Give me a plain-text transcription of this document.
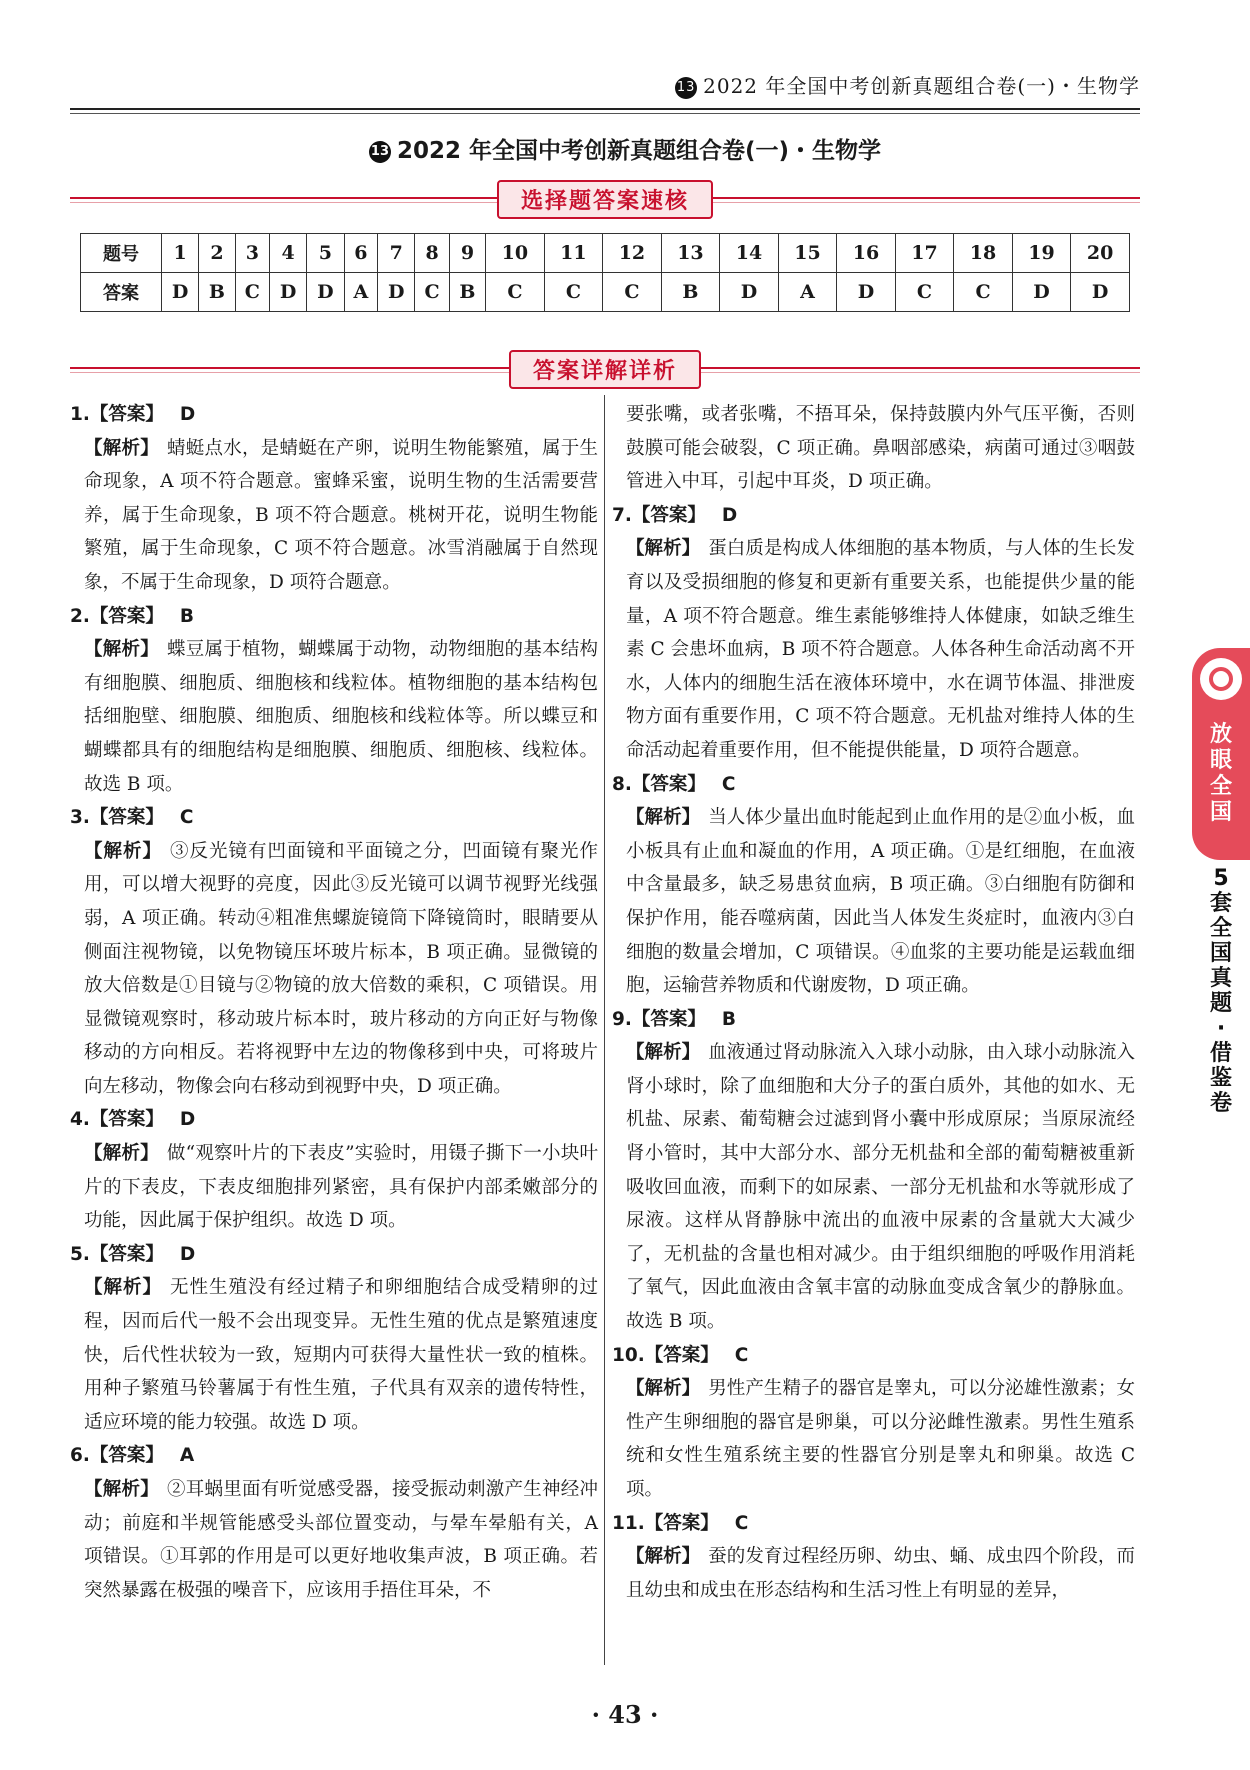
13 2022 年全国中考创新真题组合卷(一)・生物学
13 2022 年全国中考创新真题组合卷(一)・生物学
选择题答案速核
题号	1	2	3	4	5	6	7	8	9	10	11	12	13	14	15	16	17	18	19	20
答案	D	B	C	D	D	A	D	C	B	C	C	C	B	D	A	D	C	C	D	D
答案详解详析
1.【答案】 D
【解析】 蜻蜓点水，是蜻蜓在产卵，说明生物能繁殖，属于生命现象，A 项不符合题意。蜜蜂采蜜，说明生物的生活需要营养，属于生命现象，B 项不符合题意。桃树开花，说明生物能繁殖，属于生命现象，C 项不符合题意。冰雪消融属于自然现象，不属于生命现象，D 项符合题意。
2.【答案】 B
【解析】 蝶豆属于植物，蝴蝶属于动物，动物细胞的基本结构有细胞膜、细胞质、细胞核和线粒体。植物细胞的基本结构包括细胞壁、细胞膜、细胞质、细胞核和线粒体等。所以蝶豆和蝴蝶都具有的细胞结构是细胞膜、细胞质、细胞核、线粒体。故选 B 项。
3.【答案】 C
【解析】 ③反光镜有凹面镜和平面镜之分，凹面镜有聚光作用，可以增大视野的亮度，因此③反光镜可以调节视野光线强弱，A 项正确。转动④粗准焦螺旋镜筒下降镜筒时，眼睛要从侧面注视物镜，以免物镜压坏玻片标本，B 项正确。显微镜的放大倍数是①目镜与②物镜的放大倍数的乘积，C 项错误。用显微镜观察时，移动玻片标本时，玻片移动的方向正好与物像移动的方向相反。若将视野中左边的物像移到中央，可将玻片向左移动，物像会向右移动到视野中央，D 项正确。
4.【答案】 D
【解析】 做“观察叶片的下表皮”实验时，用镊子撕下一小块叶片的下表皮，下表皮细胞排列紧密，具有保护内部柔嫩部分的功能，因此属于保护组织。故选 D 项。
5.【答案】 D
【解析】 无性生殖没有经过精子和卵细胞结合成受精卵的过程，因而后代一般不会出现变异。无性生殖的优点是繁殖速度快，后代性状较为一致，短期内可获得大量性状一致的植株。用种子繁殖马铃薯属于有性生殖，子代具有双亲的遗传特性，适应环境的能力较强。故选 D 项。
6.【答案】 A
【解析】 ②耳蜗里面有听觉感受器，接受振动刺激产生神经冲动；前庭和半规管能感受头部位置变动，与晕车晕船有关，A 项错误。①耳郭的作用是可以更好地收集声波，B 项正确。若突然暴露在极强的噪音下，应该用手捂住耳朵，不
要张嘴，或者张嘴，不捂耳朵，保持鼓膜内外气压平衡，否则鼓膜可能会破裂，C 项正确。鼻咽部感染，病菌可通过③咽鼓管进入中耳，引起中耳炎，D 项正确。
7.【答案】 D
【解析】 蛋白质是构成人体细胞的基本物质，与人体的生长发育以及受损细胞的修复和更新有重要关系，也能提供少量的能量，A 项不符合题意。维生素能够维持人体健康，如缺乏维生素 C 会患坏血病，B 项不符合题意。人体各种生命活动离不开水，人体内的细胞生活在液体环境中，水在调节体温、排泄废物方面有重要作用，C 项不符合题意。无机盐对维持人体的生命活动起着重要作用，但不能提供能量，D 项符合题意。
8.【答案】 C
【解析】 当人体少量出血时能起到止血作用的是②血小板，血小板具有止血和凝血的作用，A 项正确。①是红细胞，在血液中含量最多，缺乏易患贫血病，B 项正确。③白细胞有防御和保护作用，能吞噬病菌，因此当人体发生炎症时，血液内③白细胞的数量会增加，C 项错误。④血浆的主要功能是运载血细胞，运输营养物质和代谢废物，D 项正确。
9.【答案】 B
【解析】 血液通过肾动脉流入入球小动脉，由入球小动脉流入肾小球时，除了血细胞和大分子的蛋白质外，其他的如水、无机盐、尿素、葡萄糖会过滤到肾小囊中形成原尿；当原尿流经肾小管时，其中大部分水、部分无机盐和全部的葡萄糖被重新吸收回血液，而剩下的如尿素、一部分无机盐和水等就形成了尿液。这样从肾静脉中流出的血液中尿素的含量就大大减少了，无机盐的含量也相对减少。由于组织细胞的呼吸作用消耗了氧气，因此血液由含氧丰富的动脉血变成含氧少的静脉血。故选 B 项。
10.【答案】 C
【解析】 男性产生精子的器官是睾丸，可以分泌雄性激素；女性产生卵细胞的器官是卵巢，可以分泌雌性激素。男性生殖系统和女性生殖系统主要的性器官分别是睾丸和卵巢。故选 C 项。
11.【答案】 C
【解析】 蚕的发育过程经历卵、幼虫、蛹、成虫四个阶段，而且幼虫和成虫在形态结构和生活习性上有明显的差异，
放眼全国
5套全国真题·借鉴卷
· 43 ·
